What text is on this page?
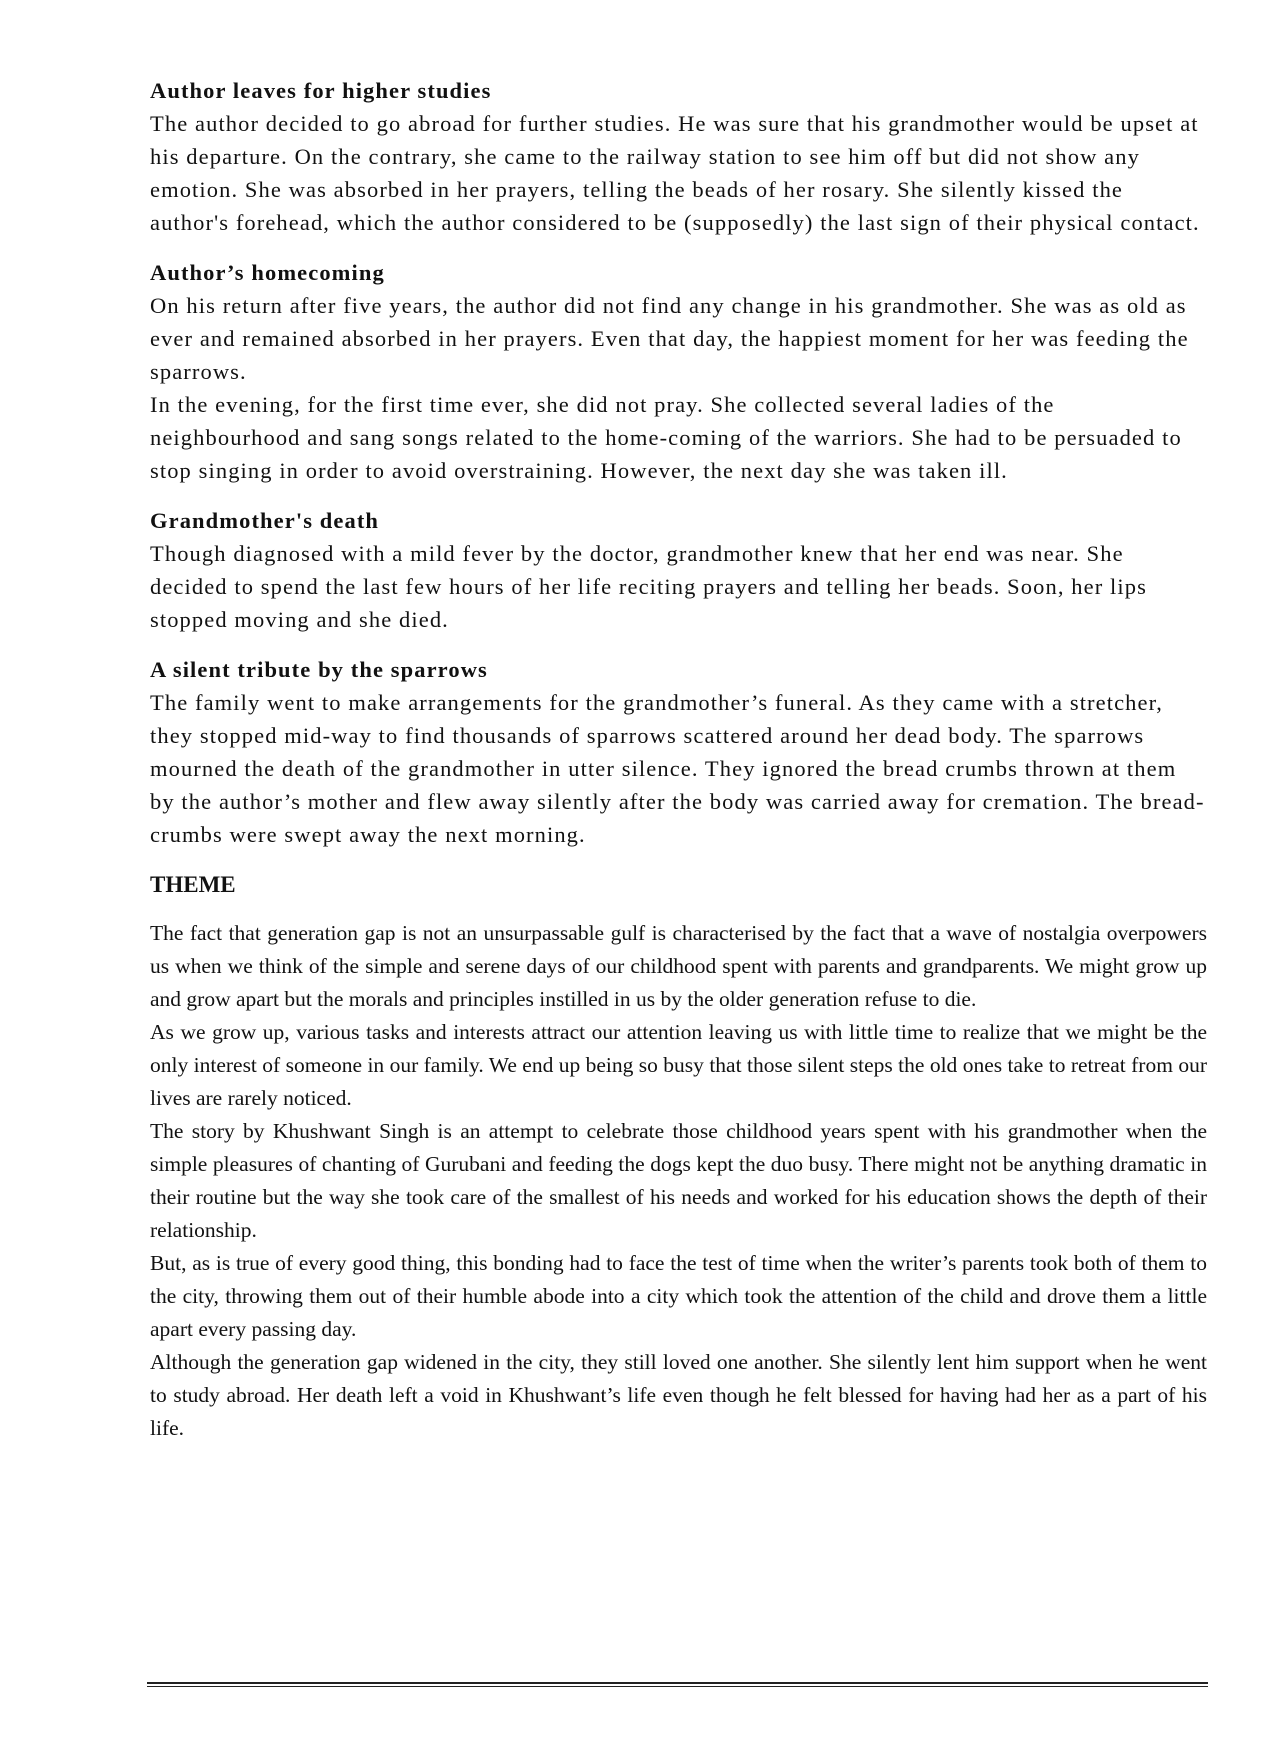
Author leaves for higher studies

The author decided to go abroad for further studies. He was sure that his grandmother would be upset at his departure. On the contrary, she came to the railway station to see him off but did not show any emotion. She was absorbed in her prayers, telling the beads of her rosary. She silently kissed the author's forehead, which the author considered to be (supposedly) the last sign of their physical contact.

Author’s homecoming

On his return after five years, the author did not find any change in his grandmother. She was as old as ever and remained absorbed in her prayers. Even that day, the happiest moment for her was feeding the sparrows.

In the evening, for the first time ever, she did not pray. She collected several ladies of the neighbourhood and sang songs related to the home-coming of the warriors. She had to be persuaded to stop singing in order to avoid overstraining. However, the next day she was taken ill.

Grandmother's death

Though diagnosed with a mild fever by the doctor, grandmother knew that her end was near. She decided to spend the last few hours of her life reciting prayers and telling her beads. Soon, her lips stopped moving and she died.

A silent tribute by the sparrows

The family went to make arrangements for the grandmother’s funeral. As they came with a stretcher, they stopped mid-way to find thousands of sparrows scattered around her dead body. The sparrows mourned the death of the grandmother in utter silence. They ignored the bread crumbs thrown at them by the author’s mother and flew away silently after the body was carried away for cremation. The bread-crumbs were swept away the next morning.

THEME

The fact that generation gap is not an unsurpassable gulf is characterised by the fact that a wave of nostalgia overpowers us when we think of the simple and serene days of our childhood spent with parents and grandparents. We might grow up and grow apart but the morals and principles instilled in us by the older generation refuse to die.

As we grow up, various tasks and interests attract our attention leaving us with little time to realize that we might be the only interest of someone in our family. We end up being so busy that those silent steps the old ones take to retreat from our lives are rarely noticed.

The story by Khushwant Singh is an attempt to celebrate those childhood years spent with his grandmother when the simple pleasures of chanting of Gurubani and feeding the dogs kept the duo busy. There might not be anything dramatic in their routine but the way she took care of the smallest of his needs and worked for his education shows the depth of their relationship.

But, as is true of every good thing, this bonding had to face the test of time when the writer’s parents took both of them to the city, throwing them out of their humble abode into a city which took the attention of the child and drove them a little apart every passing day.

Although the generation gap widened in the city, they still loved one another. She silently lent him support when he went to study abroad. Her death left a void in Khushwant’s life even though he felt blessed for having had her as a part of his life.
